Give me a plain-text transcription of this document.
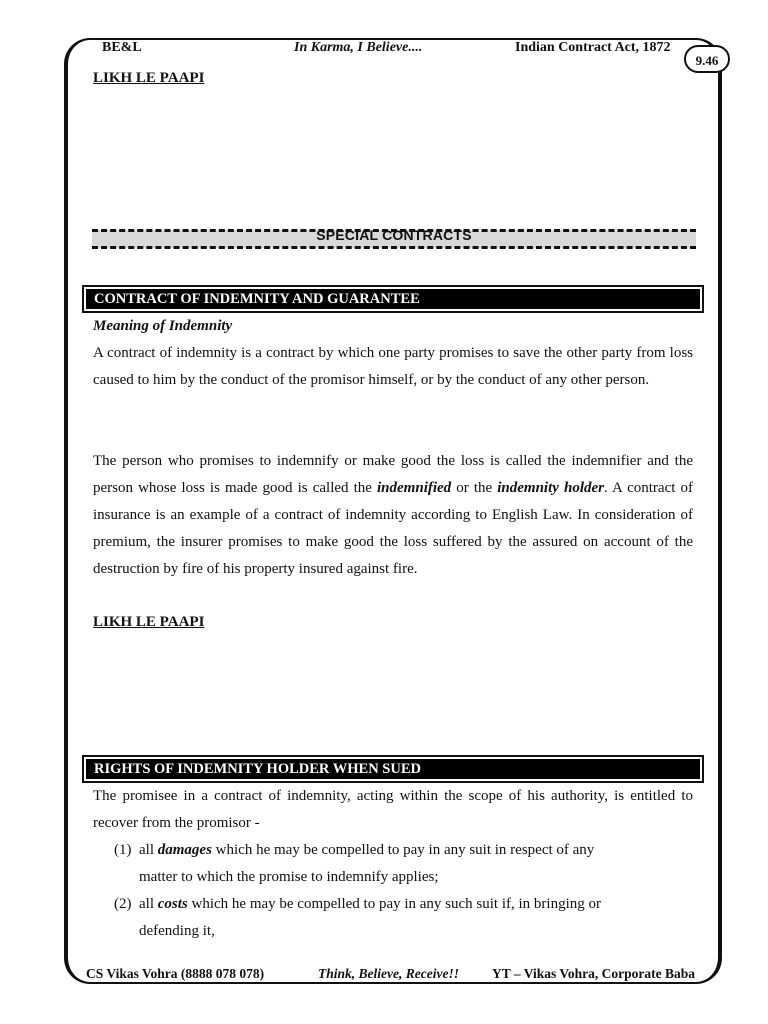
BE&L	In Karma, I Believe....	Indian Contract Act, 1872
9.46
LIKH LE PAAPI
SPECIAL CONTRACTS
CONTRACT OF INDEMNITY AND GUARANTEE
Meaning of Indemnity

A contract of indemnity is a contract by which one party promises to save the other party from loss caused to him by the conduct of the promisor himself, or by the conduct of any other person.

The person who promises to indemnify or make good the loss is called the indemnifier and the person whose loss is made good is called the indemnified or the indemnity holder. A contract of insurance is an example of a contract of indemnity according to English Law. In consideration of premium, the insurer promises to make good the loss suffered by the assured on account of the destruction by fire of his property insured against fire.

LIKH LE PAAPI
RIGHTS OF INDEMNITY HOLDER WHEN SUED

The promisee in a contract of indemnity, acting within the scope of his authority, is entitled to recover from the promisor -

(1) all damages which he may be compelled to pay in any suit in respect of any
matter to which the promise to indemnify applies;
(2) all costs which he may be compelled to pay in any such suit if, in bringing or
defending it,
CS Vikas Vohra (8888 078 078)	Think, Believe, Receive!! YT – Vikas Vohra, Corporate Baba
